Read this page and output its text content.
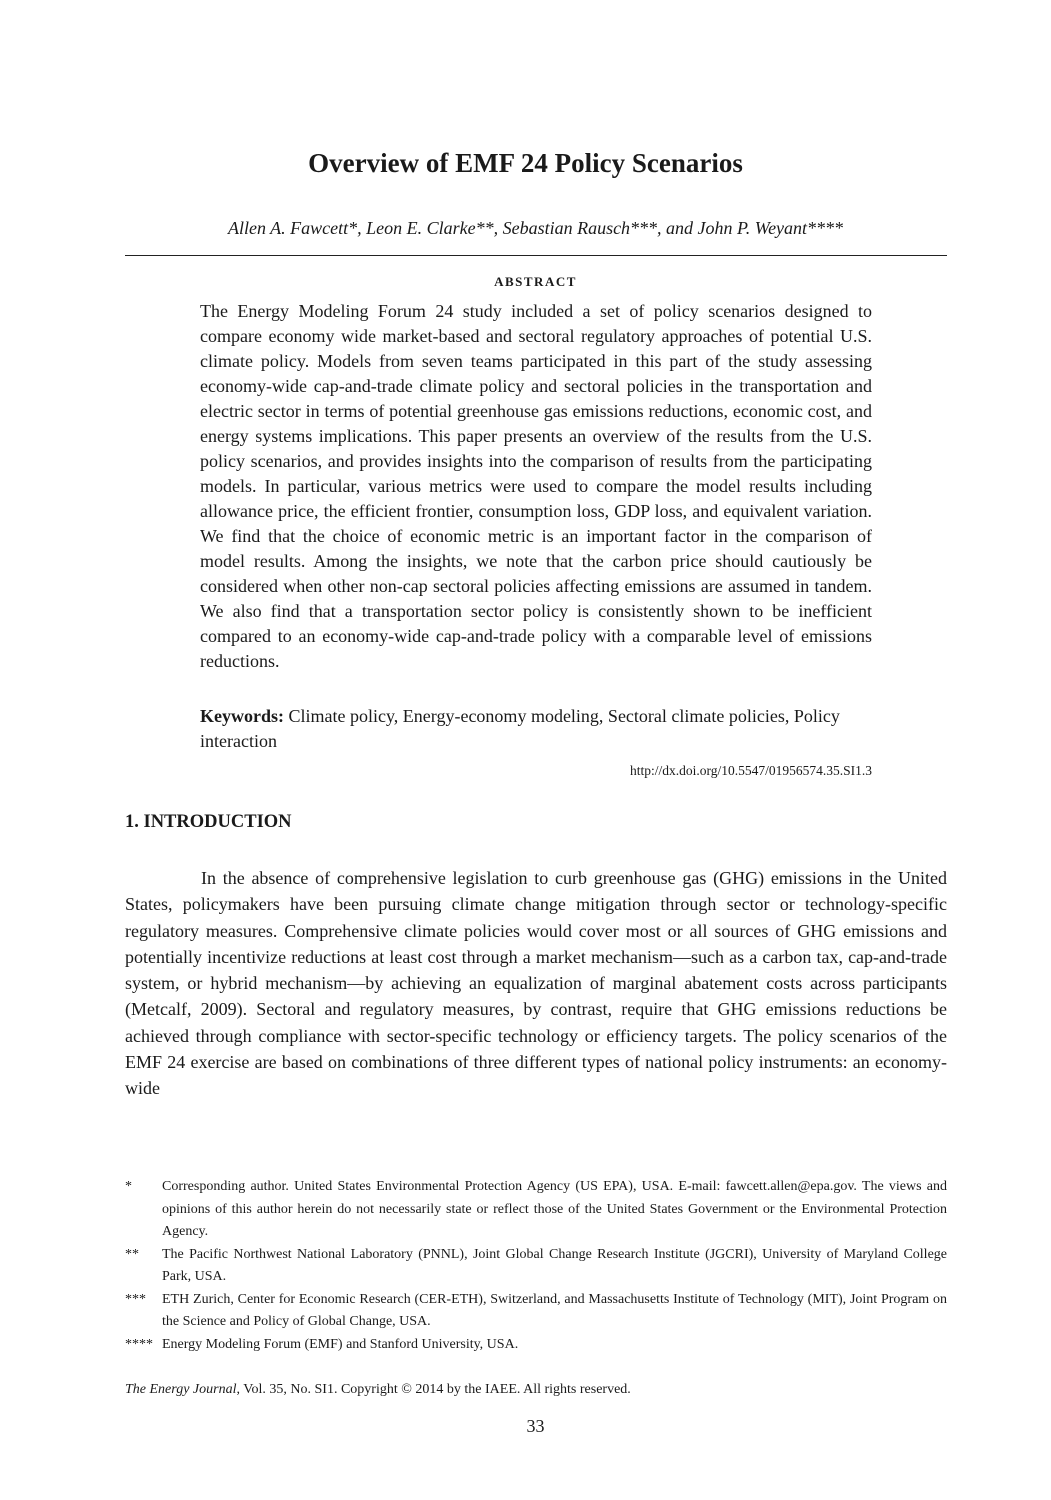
Overview of EMF 24 Policy Scenarios
Allen A. Fawcett*, Leon E. Clarke**, Sebastian Rausch***, and John P. Weyant****
ABSTRACT

The Energy Modeling Forum 24 study included a set of policy scenarios designed to compare economy wide market-based and sectoral regulatory approaches of potential U.S. climate policy. Models from seven teams participated in this part of the study assessing economy-wide cap-and-trade climate policy and sectoral policies in the transportation and electric sector in terms of potential greenhouse gas emissions reductions, economic cost, and energy systems implications. This paper presents an overview of the results from the U.S. policy scenarios, and provides insights into the comparison of results from the participating models. In particular, various metrics were used to compare the model results including allowance price, the efficient frontier, consumption loss, GDP loss, and equivalent variation. We find that the choice of economic metric is an important factor in the comparison of model results. Among the insights, we note that the carbon price should cautiously be considered when other non-cap sectoral policies affecting emissions are assumed in tandem. We also find that a transportation sector policy is consistently shown to be inefficient compared to an economy-wide cap-and-trade policy with a comparable level of emissions reductions.

Keywords: Climate policy, Energy-economy modeling, Sectoral climate policies, Policy interaction

http://dx.doi.org/10.5547/01956574.35.SI1.3
1. INTRODUCTION

In the absence of comprehensive legislation to curb greenhouse gas (GHG) emissions in the United States, policymakers have been pursuing climate change mitigation through sector or technology-specific regulatory measures. Comprehensive climate policies would cover most or all sources of GHG emissions and potentially incentivize reductions at least cost through a market mechanism—such as a carbon tax, cap-and-trade system, or hybrid mechanism—by achieving an equalization of marginal abatement costs across participants (Metcalf, 2009). Sectoral and regulatory measures, by contrast, require that GHG emissions reductions be achieved through compliance with sector-specific technology or efficiency targets. The policy scenarios of the EMF 24 exercise are based on combinations of three different types of national policy instruments: an economy-wide

*	Corresponding author. United States Environmental Protection Agency (US EPA), USA. E-mail: fawcett.allen@epa.gov. The views and opinions of this author herein do not necessarily state or reflect those of the United States Government or the Environmental Protection Agency.
**	The Pacific Northwest National Laboratory (PNNL), Joint Global Change Research Institute (JGCRI), University of Maryland College Park, USA.
***	ETH Zurich, Center for Economic Research (CER-ETH), Switzerland, and Massachusetts Institute of Technology (MIT), Joint Program on the Science and Policy of Global Change, USA.
**** Energy Modeling Forum (EMF) and Stanford University, USA.
The Energy Journal, Vol. 35, No. SI1. Copyright © 2014 by the IAEE. All rights reserved.
33
